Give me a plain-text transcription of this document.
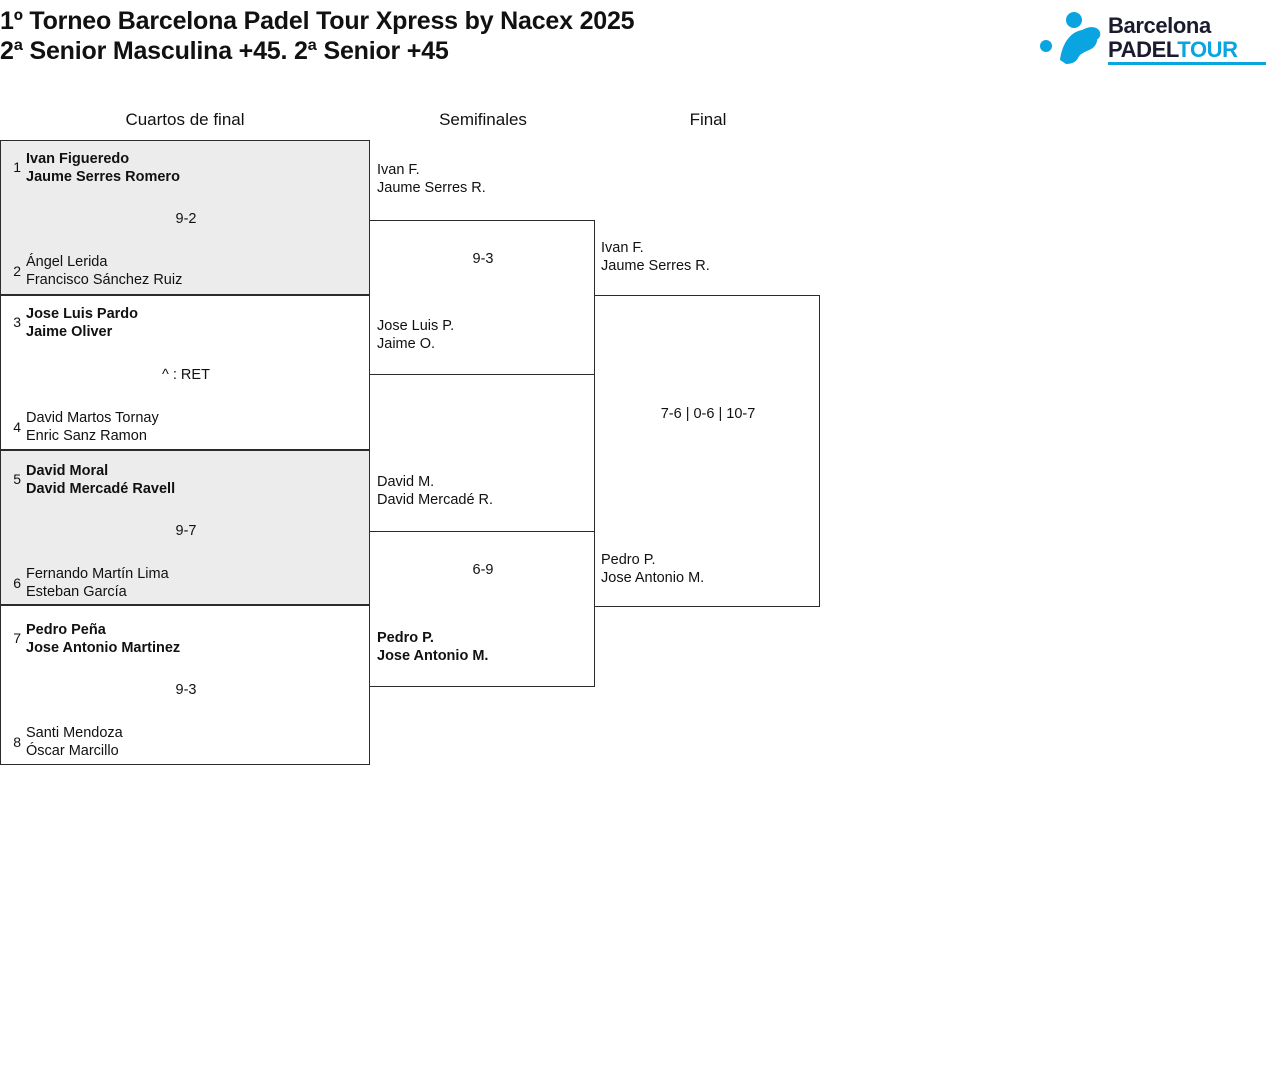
1º Torneo Barcelona Padel Tour Xpress by Nacex 2025
2ª Senior Masculina +45. 2ª Senior +45
Barcelona
PADELTOUR
Cuartos de final	Semifinales	Final
1 Ivan Figueredo
Jaume Serres Romero
9-2
2
Ángel Lerida
Francisco Sánchez Ruiz
3 Jose Luis Pardo
Jaime Oliver
^ : RET
4
David Martos Tornay
Enric Sanz Ramon
5 David Moral
David Mercadé Ravell
9-7
6
Fernando Martín Lima
Esteban García
7 Pedro Peña
Jose Antonio Martinez
9-3
8
Santi Mendoza
Óscar Marcillo
Ivan F.
Jaume Serres R.
9-3
Jose Luis P.
Jaime O.
David M.
David Mercadé R.
6-9
Pedro P.
Jose Antonio M.
Ivan F.
Jaume Serres R.
7-6 | 0-6 | 10-7
Pedro P.
Jose Antonio M.
